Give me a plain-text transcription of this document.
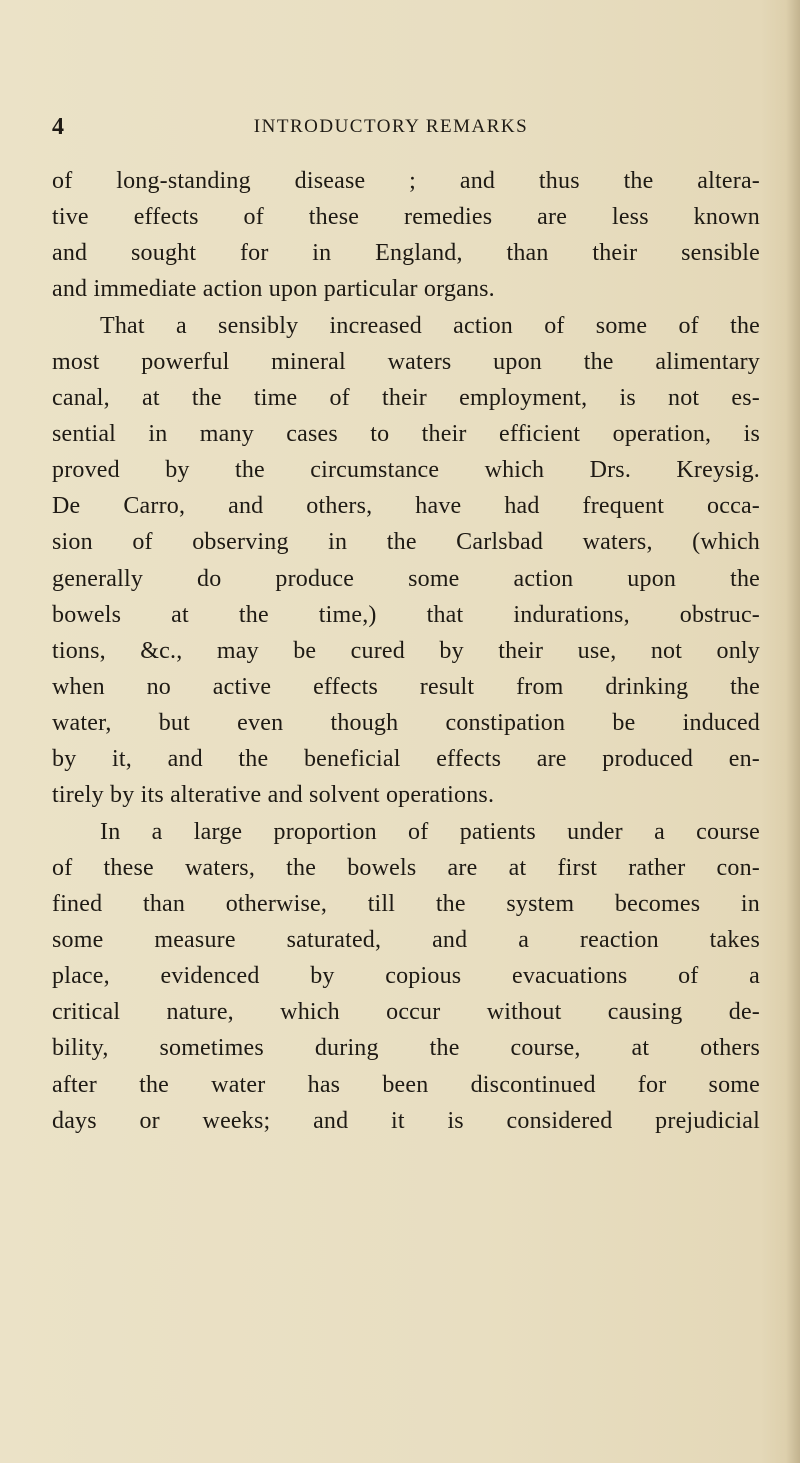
4	INTRODUCTORY REMARKS
of long-standing disease ; and thus the altera-
tive effects of these remedies are less known
and sought for in England, than their sensible
and immediate action upon particular organs.
That a sensibly increased action of some of the
most powerful mineral waters upon the alimentary
canal, at the time of their employment, is not es-
sential in many cases to their efficient operation, is
proved by the circumstance which Drs. Kreysig.
De Carro, and others, have had frequent occa-
sion of observing in the Carlsbad waters, (which
generally do produce some action upon the
bowels at the time,) that indurations, obstruc-
tions, &c., may be cured by their use, not only
when no active effects result from drinking the
water, but even though constipation be induced
by it, and the beneficial effects are produced en-
tirely by its alterative and solvent operations.
In a large proportion of patients under a course
of these waters, the bowels are at first rather con-
fined than otherwise, till the system becomes in
some measure saturated, and a reaction takes
place, evidenced by copious evacuations of a
critical nature, which occur without causing de-
bility, sometimes during the course, at others
after the water has been discontinued for some
days or weeks; and it is considered prejudicial
